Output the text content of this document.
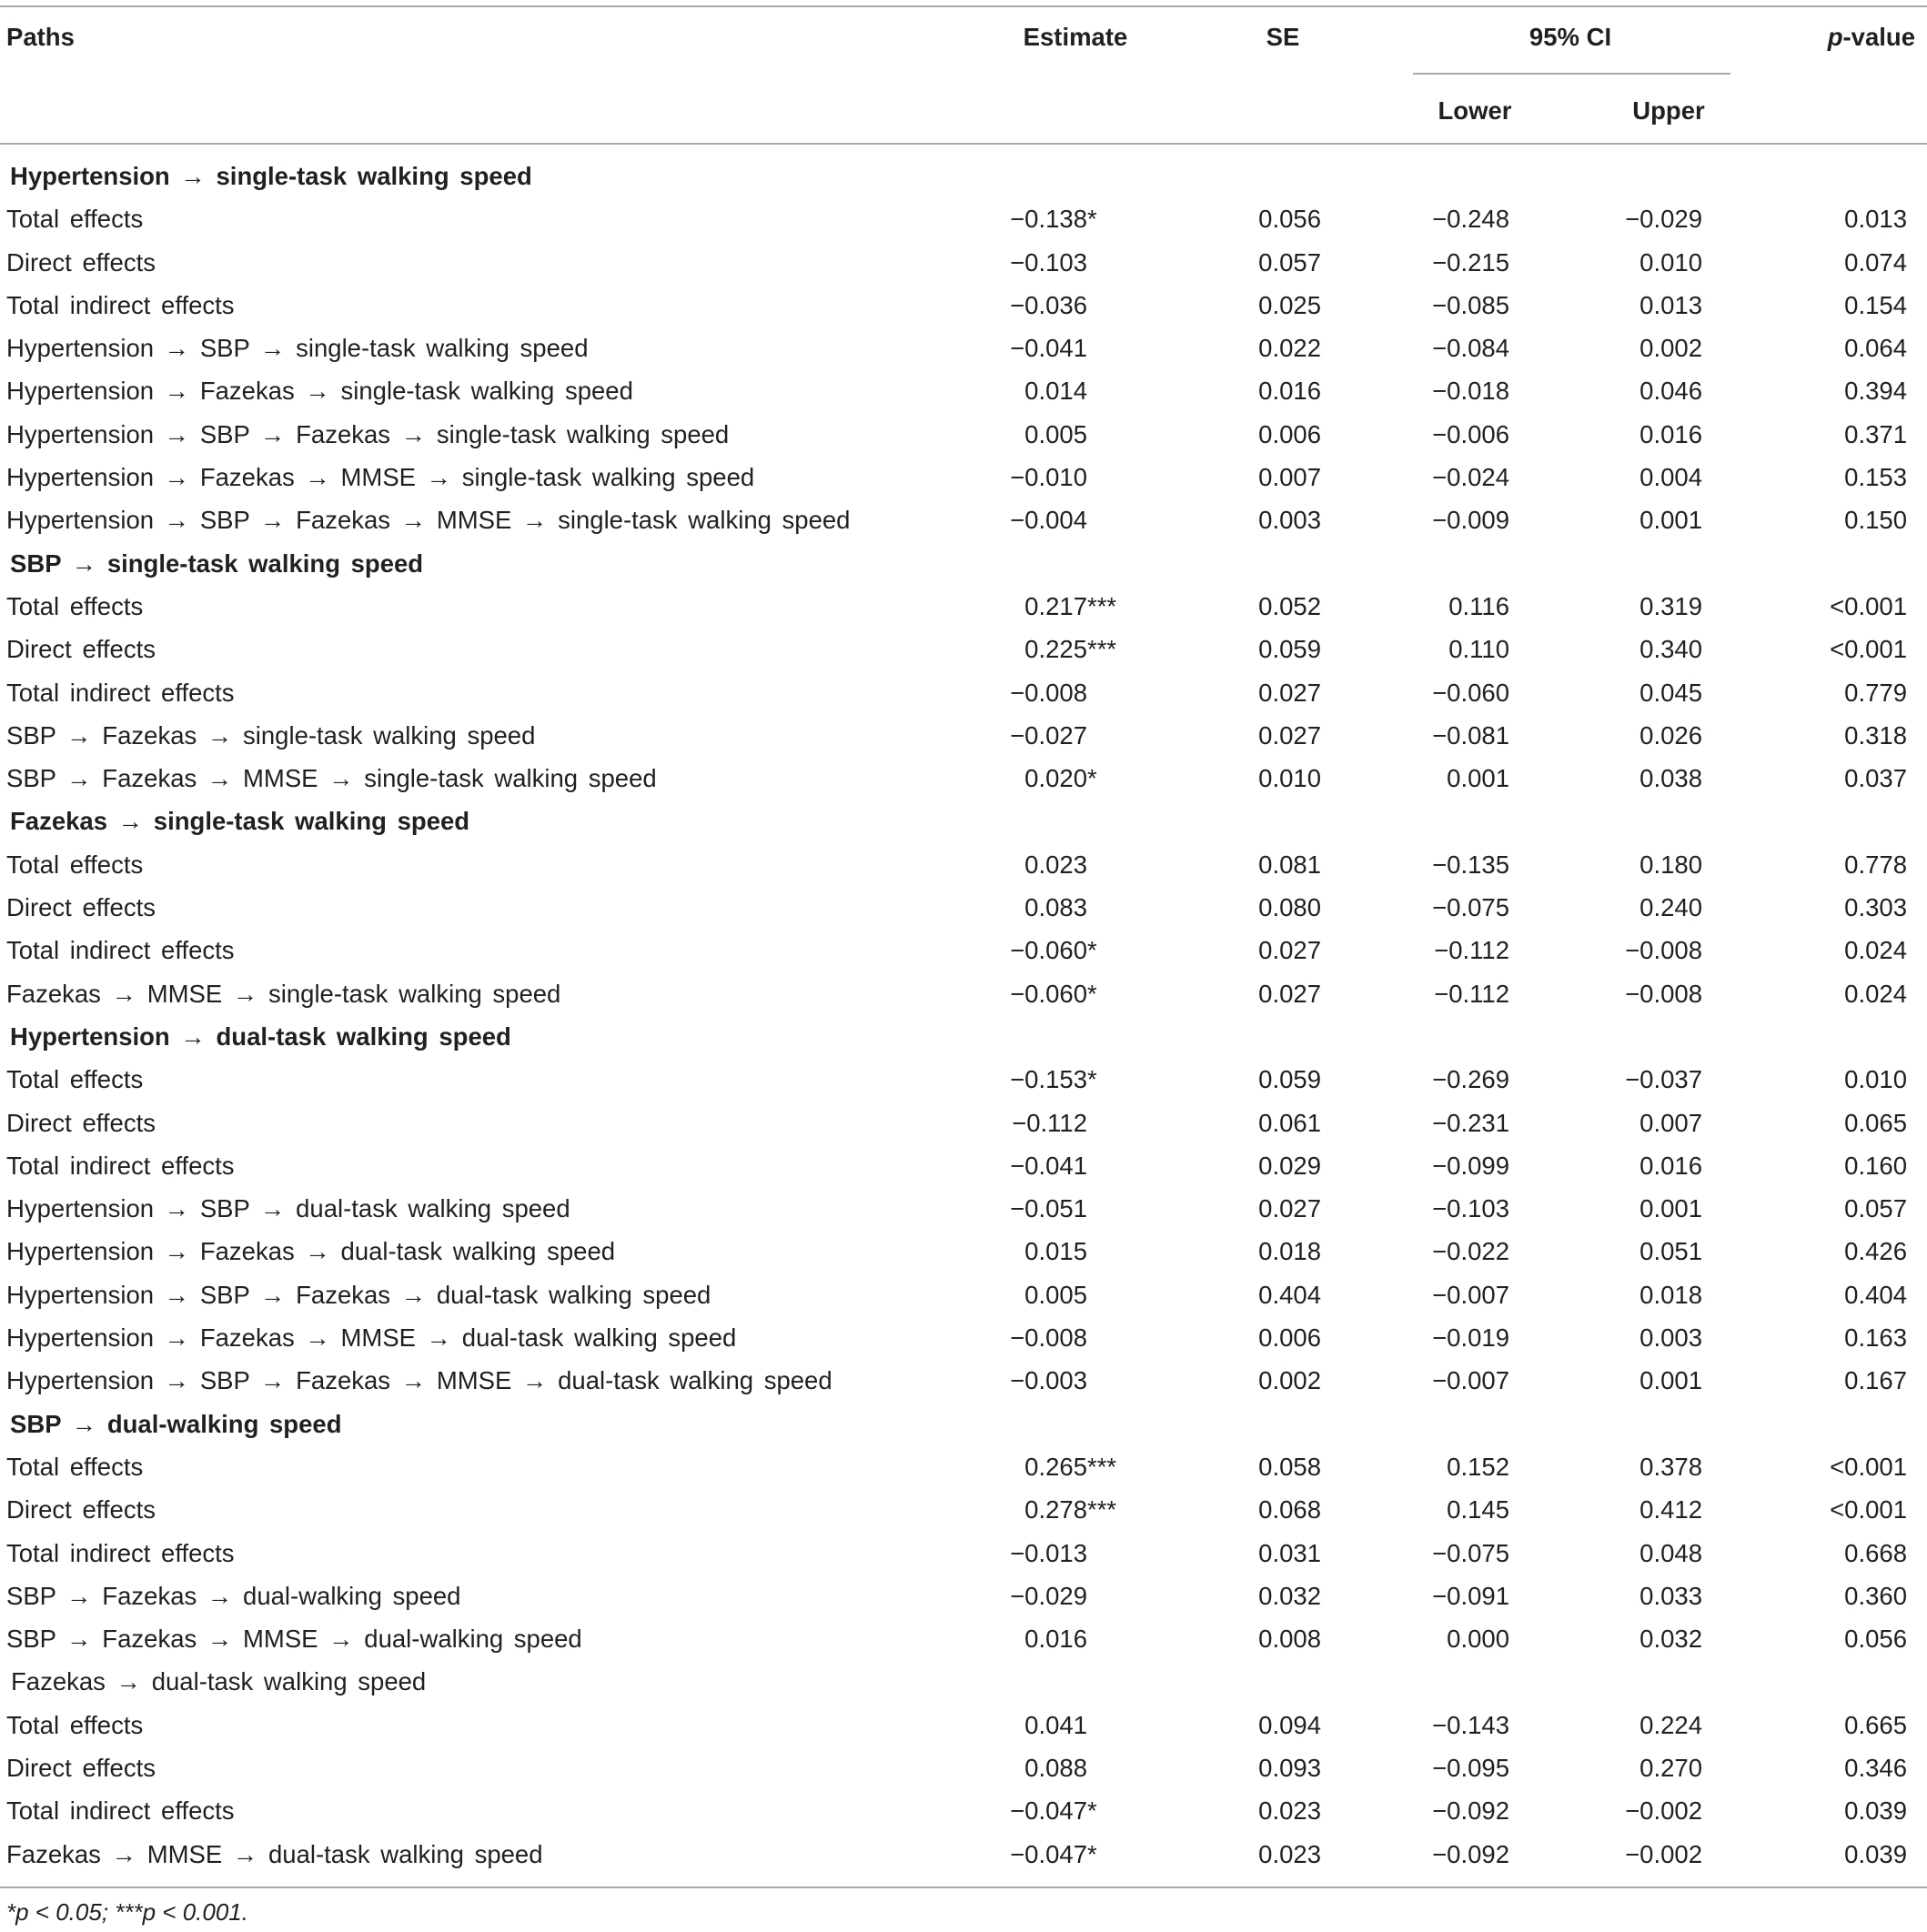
Paths	Estimate	SE	95% CI	p-value
Lower	Upper
Hypertension → single-task walking speed
Total effects	−0.138 *	0.056	−0.248	−0.029	0.013
Direct effects	−0.103	0.057	−0.215	0.010	0.074
Total indirect effects	−0.036	0.025	−0.085	0.013	0.154
Hypertension → SBP → single-task walking speed	−0.041	0.022	−0.084	0.002	0.064
Hypertension → Fazekas → single-task walking speed	0.014	0.016	−0.018	0.046	0.394
Hypertension → SBP → Fazekas → single-task walking speed	0.005	0.006	−0.006	0.016	0.371
Hypertension → Fazekas → MMSE → single-task walking speed	−0.010	0.007	−0.024	0.004	0.153
Hypertension → SBP → Fazekas → MMSE → single-task walking speed	−0.004	0.003	−0.009	0.001	0.150
SBP → single-task walking speed
Total effects	0.217 ***	0.052	0.116	0.319	<0.001
Direct effects	0.225 ***	0.059	0.110	0.340	<0.001
Total indirect effects	−0.008	0.027	−0.060	0.045	0.779
SBP → Fazekas → single-task walking speed	−0.027	0.027	−0.081	0.026	0.318
SBP → Fazekas → MMSE → single-task walking speed	0.020 *	0.010	0.001	0.038	0.037
Fazekas → single-task walking speed
Total effects	0.023	0.081	−0.135	0.180	0.778
Direct effects	0.083	0.080	−0.075	0.240	0.303
Total indirect effects	−0.060 *	0.027	−0.112	−0.008	0.024
Fazekas → MMSE → single-task walking speed	−0.060 *	0.027	−0.112	−0.008	0.024
Hypertension → dual-task walking speed
Total effects	−0.153 *	0.059	−0.269	−0.037	0.010
Direct effects	−0.112	0.061	−0.231	0.007	0.065
Total indirect effects	−0.041	0.029	−0.099	0.016	0.160
Hypertension → SBP → dual-task walking speed	−0.051	0.027	−0.103	0.001	0.057
Hypertension → Fazekas → dual-task walking speed	0.015	0.018	−0.022	0.051	0.426
Hypertension → SBP → Fazekas → dual-task walking speed	0.005	0.404	−0.007	0.018	0.404
Hypertension → Fazekas → MMSE → dual-task walking speed	−0.008	0.006	−0.019	0.003	0.163
Hypertension → SBP → Fazekas → MMSE → dual-task walking speed	−0.003	0.002	−0.007	0.001	0.167
SBP → dual-walking speed
Total effects	0.265 ***	0.058	0.152	0.378	<0.001
Direct effects	0.278 ***	0.068	0.145	0.412	<0.001
Total indirect effects	−0.013	0.031	−0.075	0.048	0.668
SBP → Fazekas → dual-walking speed	−0.029	0.032	−0.091	0.033	0.360
SBP → Fazekas → MMSE → dual-walking speed	0.016	0.008	0.000	0.032	0.056
Fazekas → dual-task walking speed
Total effects	0.041	0.094	−0.143	0.224	0.665
Direct effects	0.088	0.093	−0.095	0.270	0.346
Total indirect effects	−0.047 *	0.023	−0.092	−0.002	0.039
Fazekas → MMSE → dual-task walking speed	−0.047 *	0.023	−0.092	−0.002	0.039
*p < 0.05; ***p < 0.001.
